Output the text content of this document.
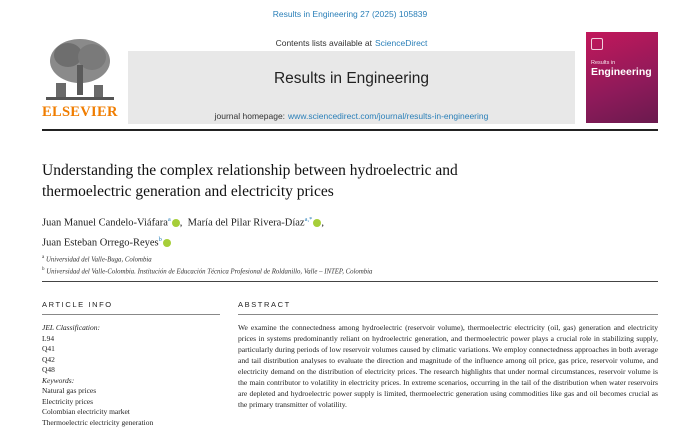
Results in Engineering 27 (2025) 105839
ELSEVIER
Contents lists available at ScienceDirect
Results in Engineering
journal homepage: www.sciencedirect.com/journal/results-in-engineering
Results in
Engineering
Understanding the complex relationship between hydroelectric and
thermoelectric generation and electricity prices
Juan Manuel Candelo-Viáfara$^a$ ,  María del Pilar Rivera-Díaz$^{a,*}$ ,
Juan Esteban Orrego-Reyes$^b$
$^a$ Universidad del Valle-Buga, Colombia
$^b$ Universidad del Valle-Colombia. Institución de Educación Técnica Profesional de Roldanillo, Valle – INTEP, Colombia
ARTICLE INFO
JEL Classification:
L94
Q41
Q42
Q48
Keywords:
Natural gas prices
Electricity prices
Colombian electricity market
Thermoelectric electricity generation
ABSTRACT
We examine the connectedness among hydroelectric (reservoir volume), thermoelectric electricity (oil, gas) generation and electricity prices in systems predominantly reliant on hydroelectric generation, and thermoelectric power plays a crucial role in stabilizing supply, particularly during periods of low reservoir volumes caused by climatic variations. We employ connectedness approaches in both average and tail distribution analyses to evaluate the direction and magnitude of the influence among oil price, gas price, reservoir volume, and electricity demand on the distribution of electricity prices. The research highlights that under normal circumstances, reservoir volume is the main contributor to volatility in electricity prices. In extreme scenarios, occurring in the tail of the distribution when water reservoirs are depleted and hydroelectric power supply is limited, thermoelectric generation using commodities like gas and oil becomes crucial as the primary transmitter of volatility.
